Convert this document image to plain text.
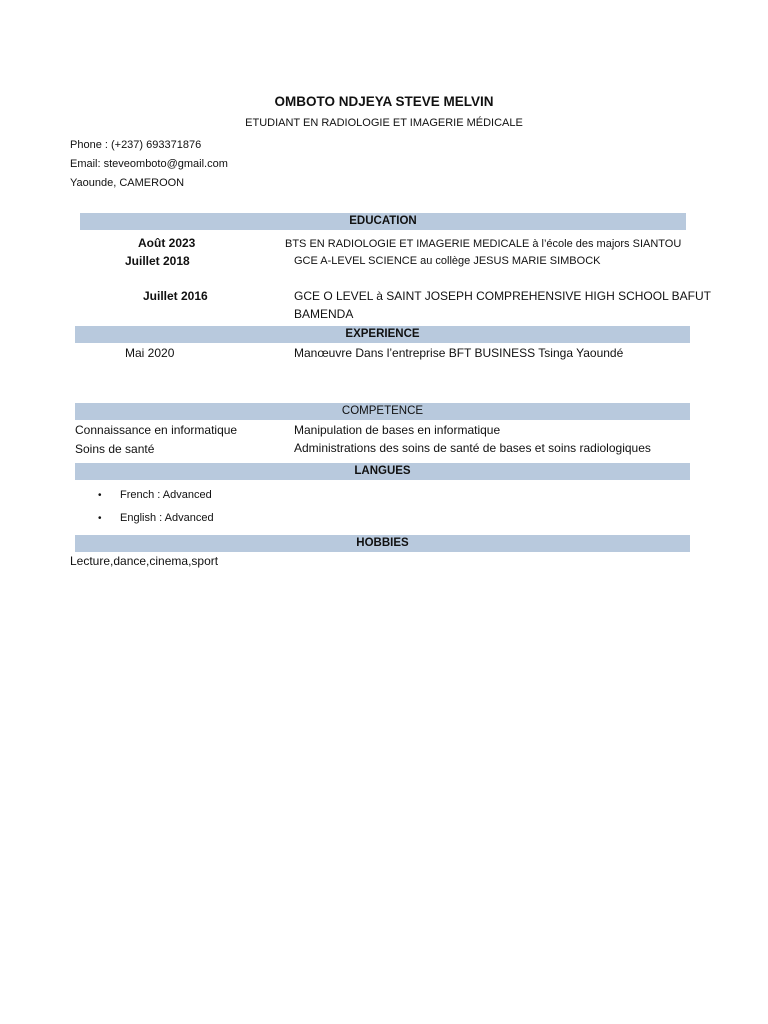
OMBOTO NDJEYA STEVE MELVIN
ETUDIANT EN RADIOLOGIE ET IMAGERIE MÉDICALE
Phone : (+237) 693371876
Email: steveomboto@gmail.com
Yaounde, CAMEROON
EDUCATION
Août 2023	BTS EN RADIOLOGIE ET IMAGERIE MEDICALE à l’école des majors SIANTOU
Juillet 2018	GCE A-LEVEL SCIENCE au collège JESUS MARIE SIMBOCK
Juillet 2016	GCE O LEVEL à SAINT JOSEPH COMPREHENSIVE HIGH SCHOOL BAFUT
BAMENDA
EXPERIENCE
Mai 2020	Manœuvre Dans l’entreprise BFT BUSINESS Tsinga Yaoundé
COMPETENCE
Connaissance en informatique	Manipulation de bases en informatique
Soins de santé	Administrations des soins de santé de bases et soins radiologiques
LANGUES
• French : Advanced
• English : Advanced
HOBBIES
Lecture,dance,cinema,sport
